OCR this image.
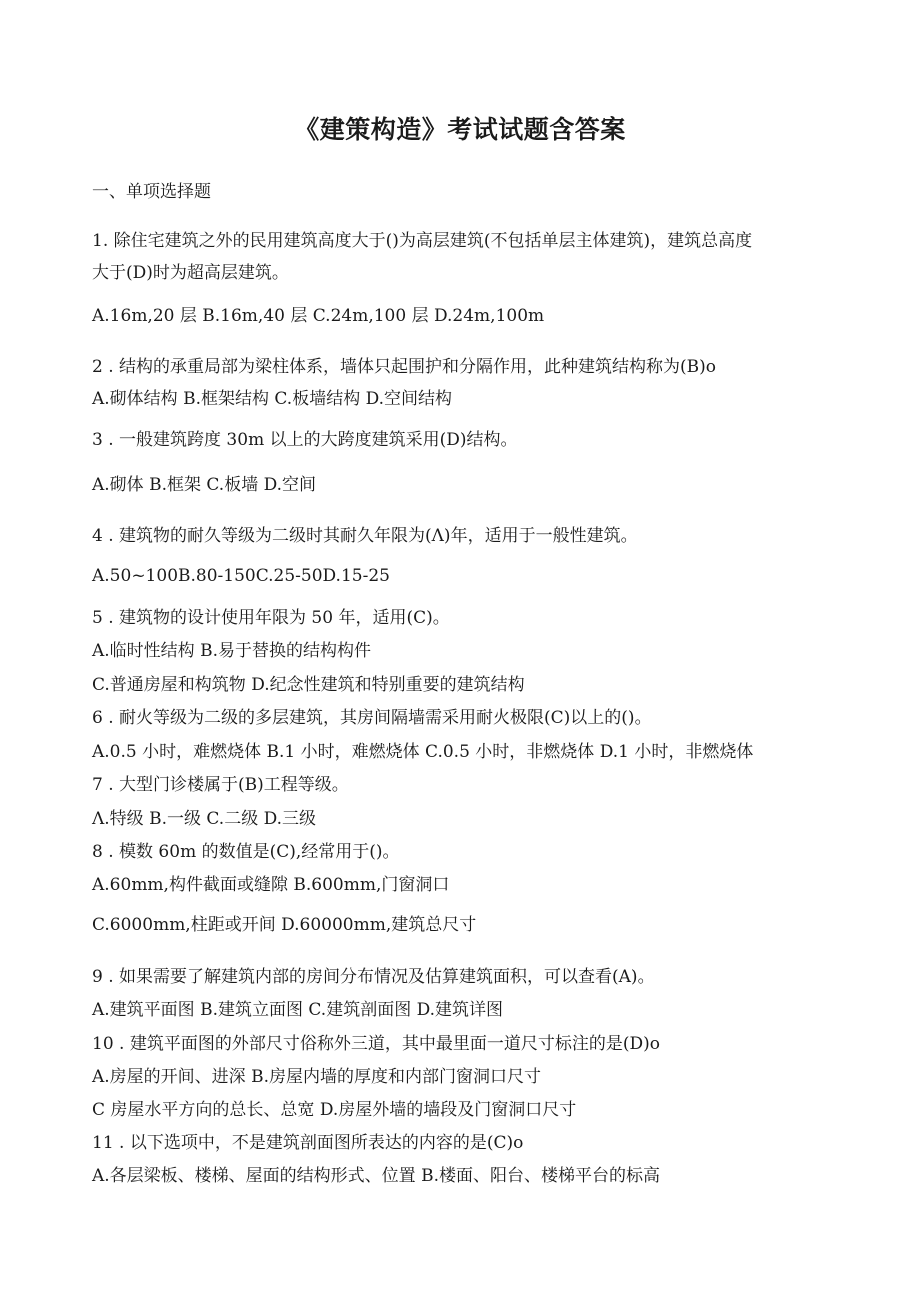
《建策构造》考试试题含答案
一、单项选择题
1. 除住宅建筑之外的民用建筑高度大于()为高层建筑(不包括单层主体建筑)，建筑总高度
大于(D)时为超高层建筑。
A.16m,20 层 B.16m,40 层 C.24m,100 层 D.24m,100m
2 . 结构的承重局部为梁柱体系，墙体只起围护和分隔作用，此种建筑结构称为(B)o
A.砌体结构 B.框架结构 C.板墙结构 D.空间结构
3 . 一般建筑跨度 30m 以上的大跨度建筑采用(D)结构。
A.砌体 B.框架 C.板墙 D.空间
4 . 建筑物的耐久等级为二级时其耐久年限为(Λ)年，适用于一般性建筑。
A.50~100B.80-150C.25-50D.15-25
5 . 建筑物的设计使用年限为 50 年，适用(C)。
A.临时性结构 B.易于替换的结构构件
C.普通房屋和构筑物 D.纪念性建筑和特别重要的建筑结构
6 . 耐火等级为二级的多层建筑，其房间隔墙需采用耐火极限(C)以上的()。
A.0.5 小时，难燃烧体 B.1 小时，难燃烧体 C.0.5 小时，非燃烧体 D.1 小时，非燃烧体
7 . 大型门诊楼属于(B)工程等级。
Λ.特级 B.一级 C.二级 D.三级
8 . 模数 60m 的数值是(C),经常用于()。
A.60mm,构件截面或缝隙 B.600mm,门窗洞口
C.6000mm,柱距或开间 D.60000mm,建筑总尺寸
9 . 如果需要了解建筑内部的房间分布情况及估算建筑面积，可以查看(A)。
A.建筑平面图 B.建筑立面图 C.建筑剖面图 D.建筑详图
10 . 建筑平面图的外部尺寸俗称外三道，其中最里面一道尺寸标注的是(D)o
A.房屋的开间、进深 B.房屋内墙的厚度和内部门窗洞口尺寸
C 房屋水平方向的总长、总宽 D.房屋外墙的墙段及门窗洞口尺寸
11 . 以下选项中，不是建筑剖面图所表达的内容的是(C)o
A.各层梁板、楼梯、屋面的结构形式、位置 B.楼面、阳台、楼梯平台的标高
